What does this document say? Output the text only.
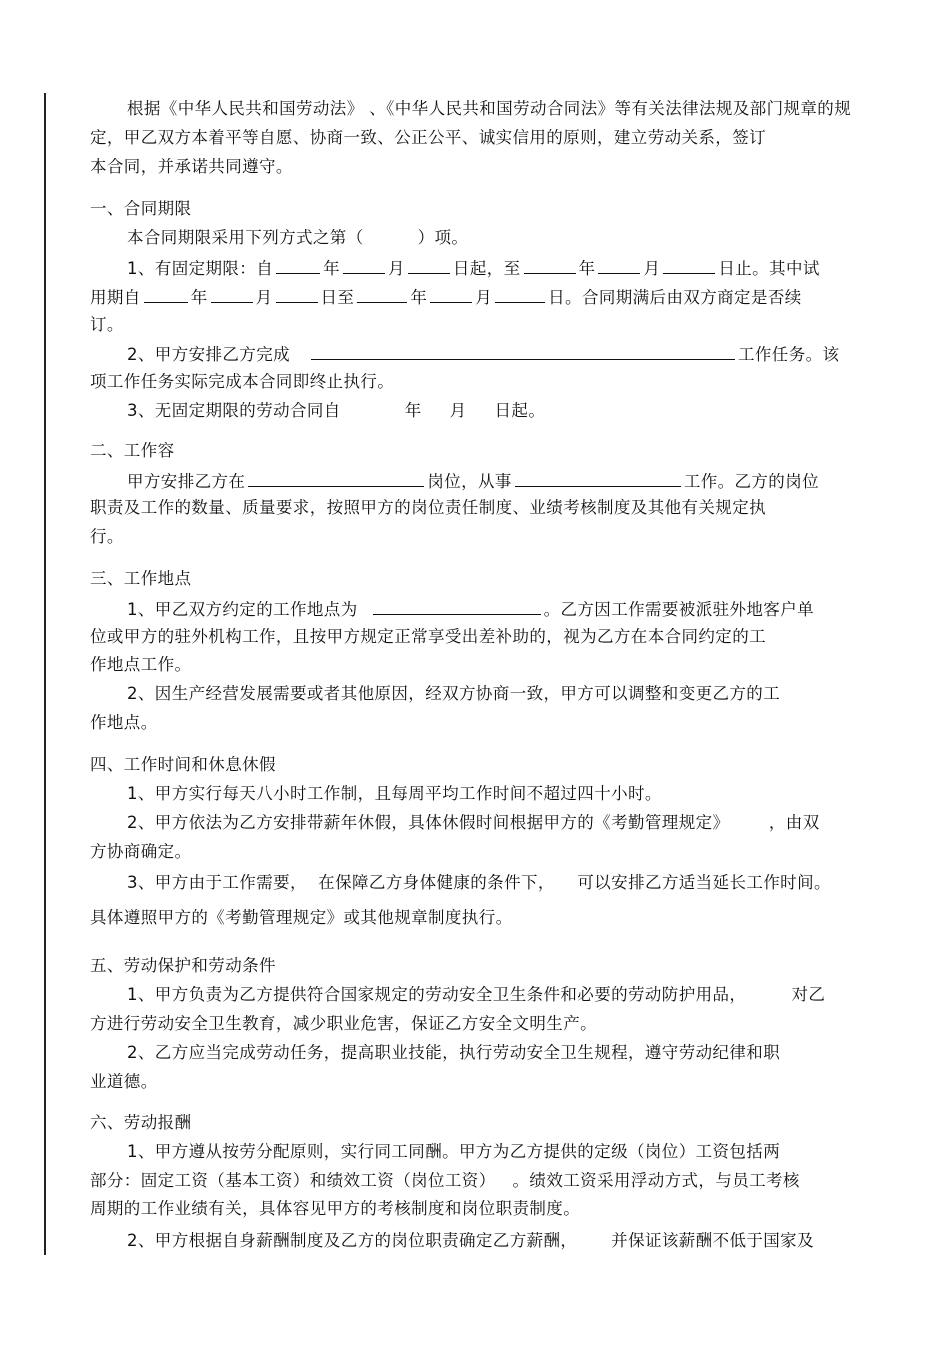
根据《中华人民共和国劳动法》 、《中华人民共和国劳动合同法》等有关法律法规及部门规章的规
定，甲乙双方本着平等自愿、协商一致、公正公平、诚实信用的原则，建立劳动关系，签订
本合同，并承诺共同遵守。
一、合同期限
本合同期限采用下列方式之第（	）项。
1、有固定期限：自	年	月	日起，至	年	月	日止。其中试
用期自	年	月	日至	年	月	日。合同期满后由双方商定是否续
订。
2、甲方安排乙方完成	工作任务。该
项工作任务实际完成本合同即终止执行。
3、无固定期限的劳动合同自	年 月 日起。
二、工作容
甲方安排乙方在	岗位，从事	工作。乙方的岗位
职责及工作的数量、质量要求，按照甲方的岗位责任制度、业绩考核制度及其他有关规定执
行。
三、工作地点
1、甲乙双方约定的工作地点为	。乙方因工作需要被派驻外地客户单
位或甲方的驻外机构工作，且按甲方规定正常享受出差补助的，视为乙方在本合同约定的工
作地点工作。
2、因生产经营发展需要或者其他原因，经双方协商一致，甲方可以调整和变更乙方的工
作地点。
四、工作时间和休息休假
1、甲方实行每天八小时工作制，且每周平均工作时间不超过四十小时。
2、甲方依法为乙方安排带薪年休假，具体休假时间根据甲方的《考勤管理规定》       ，由双
方协商确定。
3、甲方由于工作需要，  在保障乙方身体健康的条件下，    可以安排乙方适当延长工作时间。
具体遵照甲方的《考勤管理规定》或其他规章制度执行。
五、劳动保护和劳动条件
1、甲方负责为乙方提供符合国家规定的劳动安全卫生条件和必要的劳动防护用品，        对乙
方进行劳动安全卫生教育，减少职业危害，保证乙方安全文明生产。
2、乙方应当完成劳动任务，提高职业技能，执行劳动安全卫生规程，遵守劳动纪律和职
业道德。
六、劳动报酬
1、甲方遵从按劳分配原则，实行同工同酬。甲方为乙方提供的定级（岗位）工资包括两
部分：固定工资（基本工资）和绩效工资（岗位工资）   。绩效工资采用浮动方式，与员工考核
周期的工作业绩有关，具体容见甲方的考核制度和岗位职责制度。
2、甲方根据自身薪酬制度及乙方的岗位职责确定乙方薪酬，      并保证该薪酬不低于国家及
